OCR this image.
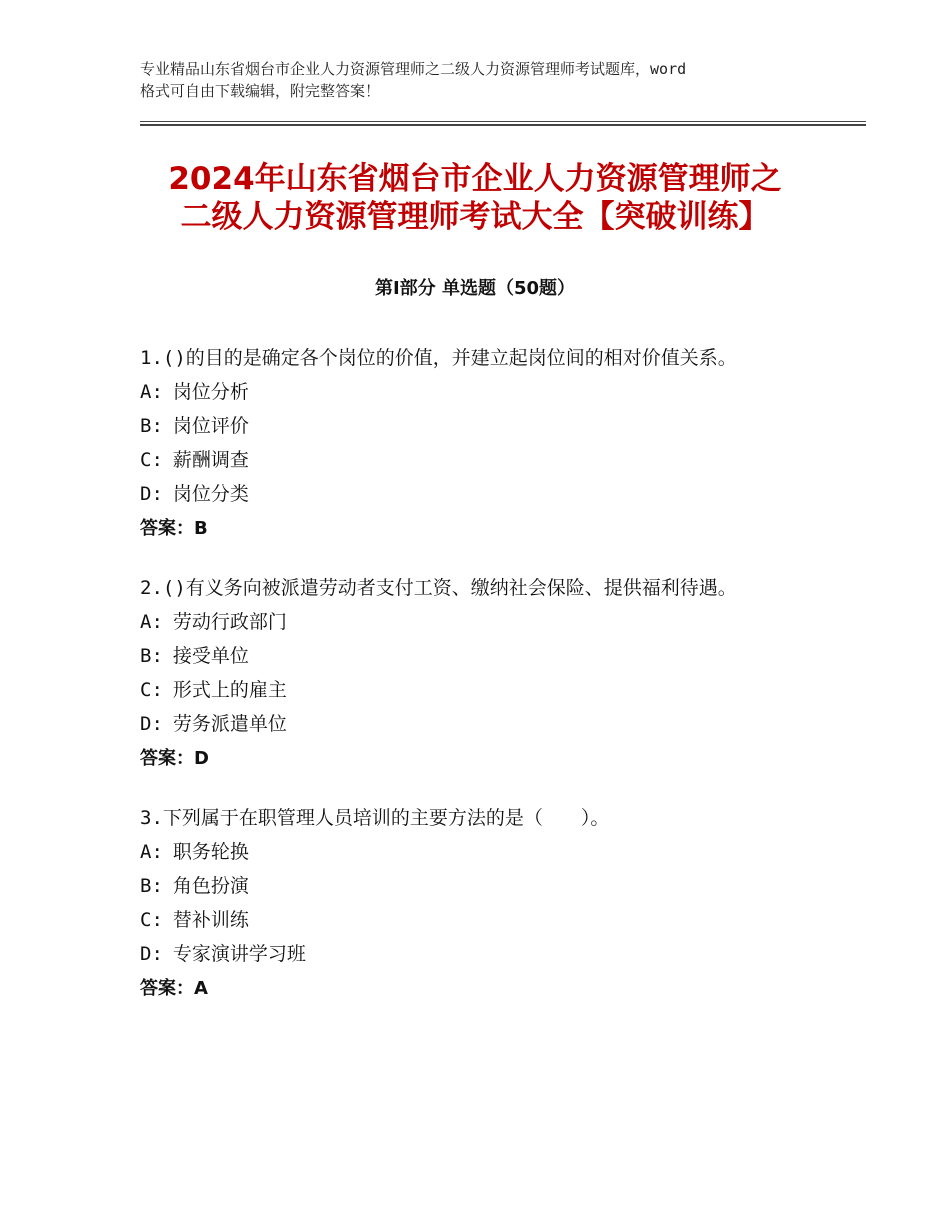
专业精品山东省烟台市企业人力资源管理师之二级人力资源管理师考试题库，word
格式可自由下载编辑，附完整答案！
2024年山东省烟台市企业人力资源管理师之
二级人力资源管理师考试大全【突破训练】
第Ⅰ部分 单选题（50题）
1.()的目的是确定各个岗位的价值，并建立起岗位间的相对价值关系。
A: 岗位分析
B: 岗位评价
C: 薪酬调查
D: 岗位分类
答案：B
2.()有义务向被派遣劳动者支付工资、缴纳社会保险、提供福利待遇。
A: 劳动行政部门
B: 接受单位
C: 形式上的雇主
D: 劳务派遣单位
答案：D
3.下列属于在职管理人员培训的主要方法的是（　　）。
A: 职务轮换
B: 角色扮演
C: 替补训练
D: 专家演讲学习班
答案：A
